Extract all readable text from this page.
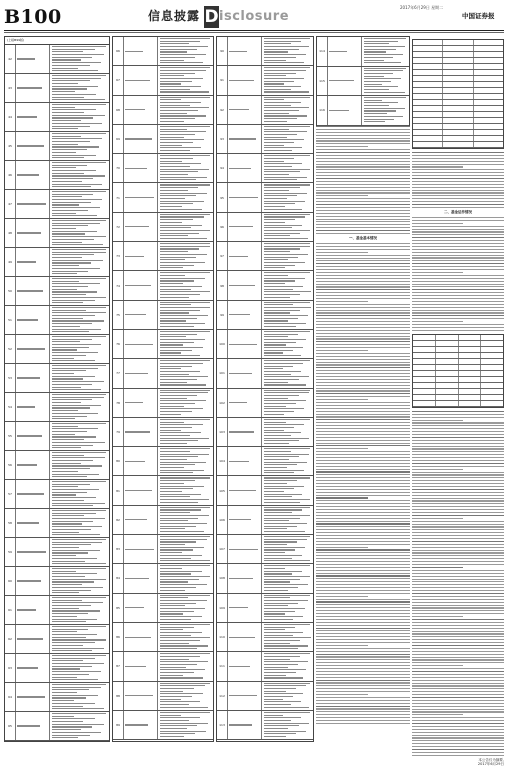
B100	信息披露 D isclosure
2017年6月29日 星期二
中国证券报
(上接B99版)
42
43
44
45
46
47
48
49
50
51
52
53
54
55
56
57
58
59
60
61
62
63
64
65
66
67
68
69
70
71
72
73
74
75
76
77
78
79
80
81
82
83
84
85
86
87
88
89
90
91
92
93
94
95
96
97
98
99
100
101
102
103
104
105
106
107
108
109
110
111
112
113
114
115
116
一、基金基本情况
二、基金运作情况
本公告仅为摘要,
2017年6月29日
